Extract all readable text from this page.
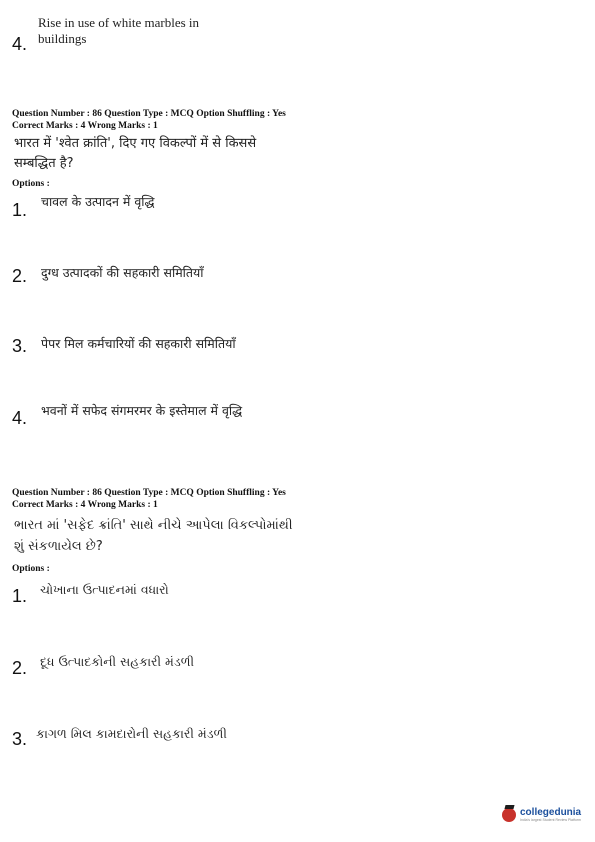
Rise in use of white marbles in
4. buildings
Question Number : 86 Question Type : MCQ Option Shuffling : Yes
Correct Marks : 4 Wrong Marks : 1
भारत में 'श्वेत क्रांति', दिए गए विकल्पों में से किससे
सम्बद्धित है?
Options :
1. चावल के उत्पादन में वृद्धि
2. दुग्ध उत्पादकों की सहकारी समितियाँ
3. पेपर मिल कर्मचारियों की सहकारी समितियाँ
4. भवनों में सफेद संगमरमर के इस्तेमाल में वृद्धि
Question Number : 86 Question Type : MCQ Option Shuffling : Yes
Correct Marks : 4 Wrong Marks : 1
ભારત માં 'સફેદ ક્રાંતિ' સાથે નીચે આપેલા વિકલ્પોમાંથી
શું સંકળાયેલ છે?
Options :
1. ચોખાના ઉત્પાદનમાં વધારો
2. દૂધ ઉત્પાદકોની સહકારી મંડળી
3. કાગળ મિલ કામદારોની સહકારી મંડળી
collegedunia
India's largest Student Review Platform
